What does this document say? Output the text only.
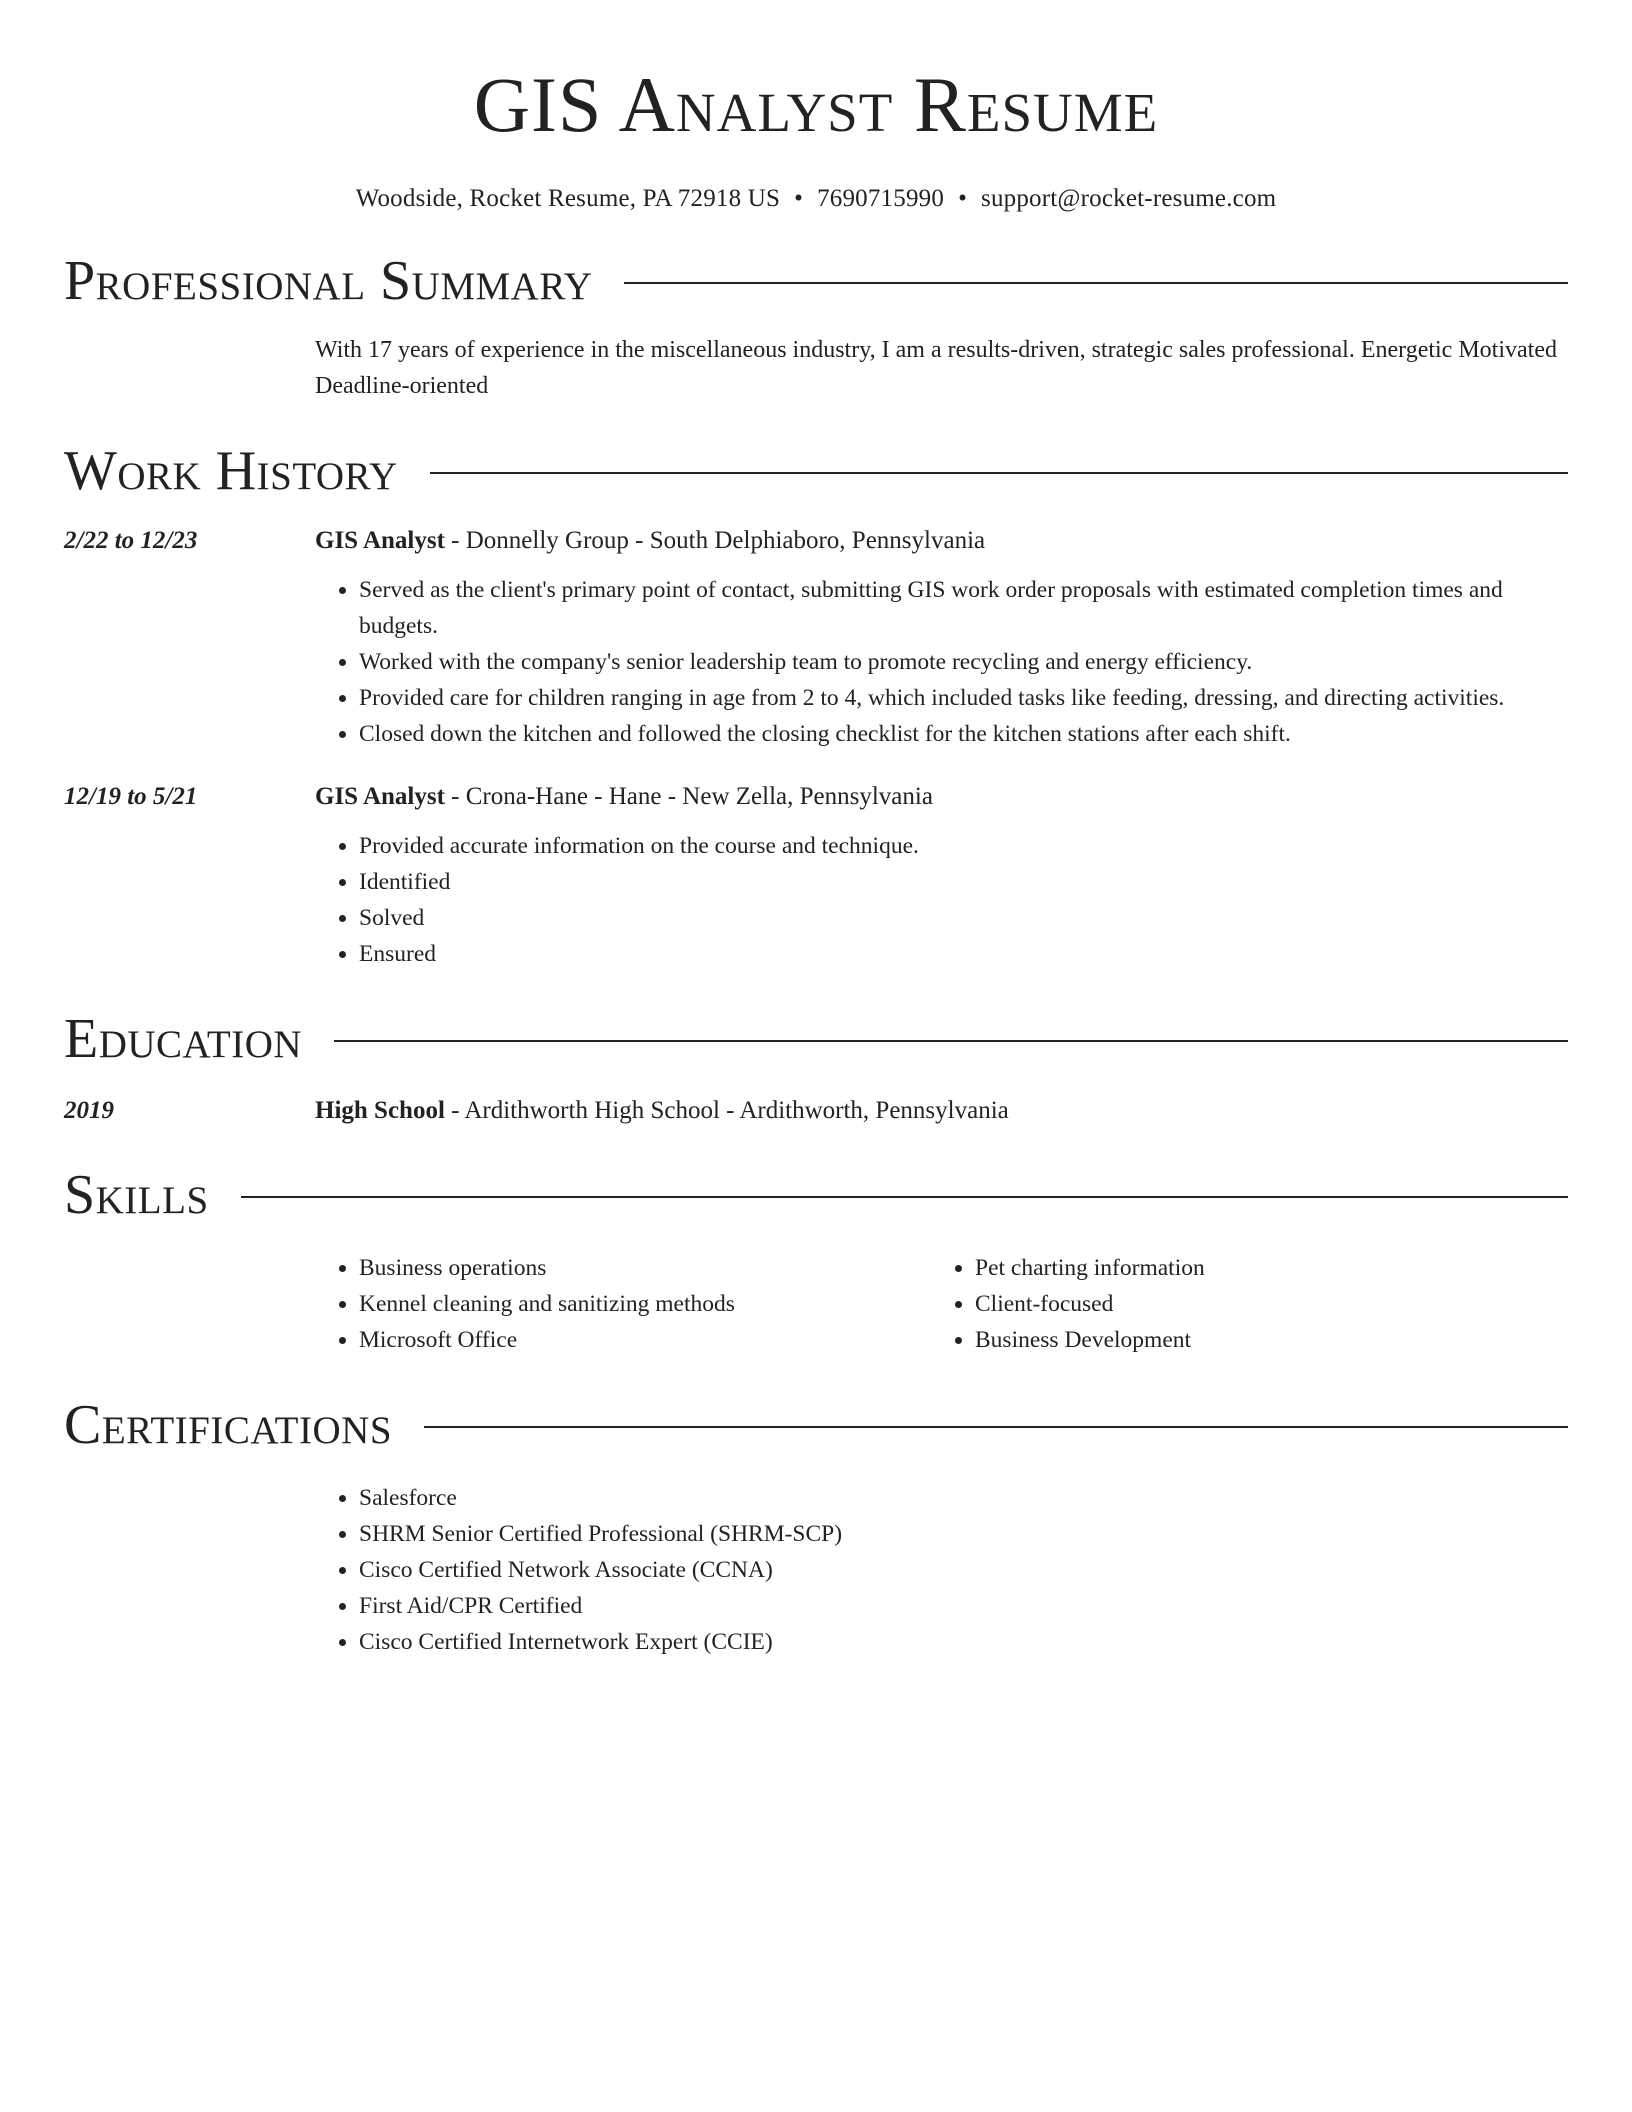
GIS Analyst Resume
Woodside, Rocket Resume, PA 72918 US • 7690715990 • support@rocket-resume.com
Professional Summary
With 17 years of experience in the miscellaneous industry, I am a results-driven, strategic sales professional. Energetic Motivated Deadline-oriented
Work History
2/22 to 12/23	GIS Analyst - Donnelly Group - South Delphiaboro, Pennsylvania
• Served as the client's primary point of contact, submitting GIS work order proposals with estimated completion times and budgets.
• Worked with the company's senior leadership team to promote recycling and energy efficiency.
• Provided care for children ranging in age from 2 to 4, which included tasks like feeding, dressing, and directing activities.
• Closed down the kitchen and followed the closing checklist for the kitchen stations after each shift.
12/19 to 5/21	GIS Analyst - Crona-Hane - Hane - New Zella, Pennsylvania
• Provided accurate information on the course and technique.
• Identified
• Solved
• Ensured
Education
2019	High School - Ardithworth High School - Ardithworth, Pennsylvania
Skills
• Business operations
• Kennel cleaning and sanitizing methods
• Microsoft Office
• Pet charting information
• Client-focused
• Business Development
Certifications
• Salesforce
• SHRM Senior Certified Professional (SHRM-SCP)
• Cisco Certified Network Associate (CCNA)
• First Aid/CPR Certified
• Cisco Certified Internetwork Expert (CCIE)
